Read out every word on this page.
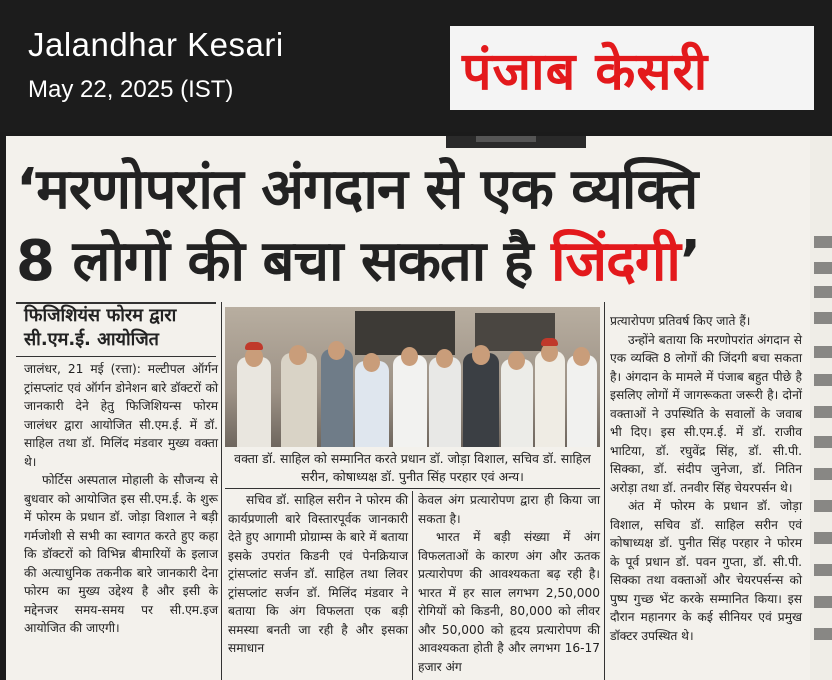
Jalandhar Kesari
May 22, 2025 (IST)	पंजाब केसरी
‘मरणोपरांत अंगदान से एक व्यक्ति
8 लोगों की बचा सकता है जिंदगी’
फिजिशियंस फोरम द्वारा सी.एम.ई. आयोजित

जालंधर, 21 मई (रत्ता): मल्टीपल ऑर्गन ट्रांसप्लांट एवं ऑर्गन डोनेशन बारे डॉक्टरों को जानकारी देने हेतु फिजिशियन्स फोरम जालंधर द्वारा आयोजित सी.एम.ई. में डॉ. साहिल तथा डॉ. मिलिंद मंडवार मुख्य वक्ता थे।

फोर्टिस अस्पताल मोहाली के सौजन्य से बुधवार को आयोजित इस सी.एम.ई. के शुरू में फोरम के प्रधान डॉ. जोड़ा विशाल ने बड़ी गर्मजोशी से सभी का स्वागत करते हुए कहा कि डॉक्टरों को विभिन्न बीमारियों के इलाज की अत्याधुनिक तकनीक बारे जानकारी देना फोरम का मुख्य उद्देश्य है और इसी के मद्देनजर समय-समय पर सी.एम.इज आयोजित की जाएगी।

वक्ता डॉ. साहिल को सम्मानित करते प्रधान डॉ. जोड़ा विशाल, सचिव डॉ. साहिल सरीन, कोषाध्यक्ष डॉ. पुनीत सिंह परहार एवं अन्य।

सचिव डॉ. साहिल सरीन ने फोरम की कार्यप्रणाली बारे विस्तारपूर्वक जानकारी देते हुए आगामी प्रोग्राम्स के बारे में बताया इसके उपरांत किडनी एवं पेनक्रियाज ट्रांसप्लांट सर्जन डॉ. साहिल तथा लिवर ट्रांसप्लांट सर्जन डॉ. मिलिंद मंडवार ने बताया कि अंग विफलता एक बड़ी समस्या बनती जा रही है और इसका समाधान

केवल अंग प्रत्यारोपण द्वारा ही किया जा सकता है।

भारत में बड़ी संख्या में अंग विफलताओं के कारण अंग और ऊतक प्रत्यारोपण की आवश्यकता बढ़ रही है। भारत में हर साल लगभग 2,50,000 रोगियों को किडनी, 80,000 को लीवर और 50,000 को हृदय प्रत्यारोपण की आवश्यकता होती है और लगभग 16-17 हजार अंग

प्रत्यारोपण प्रतिवर्ष किए जाते हैं।

उन्होंने बताया कि मरणोपरांत अंगदान से एक व्यक्ति 8 लोगों की जिंदगी बचा सकता है। अंगदान के मामले में पंजाब बहुत पीछे है इसलिए लोगों में जागरूकता जरूरी है। दोनों वक्ताओं ने उपस्थिति के सवालों के जवाब भी दिए। इस सी.एम.ई. में डॉ. राजीव भाटिया, डॉ. रघुवेंद्र सिंह, डॉ. सी.पी. सिक्का, डॉ. संदीप जुनेजा, डॉ. नितिन अरोड़ा तथा डॉ. तनवीर सिंह चेयरपर्सन थे।

अंत में फोरम के प्रधान डॉ. जोड़ा विशाल, सचिव डॉ. साहिल सरीन एवं कोषाध्यक्ष डॉ. पुनीत सिंह परहार ने फोरम के पूर्व प्रधान डॉ. पवन गुप्ता, डॉ. सी.पी. सिक्का तथा वक्ताओं और चेयरपर्सन्स को पुष्प गुच्छ भेंट करके सम्मानित किया। इस दौरान महानगर के कई सीनियर एवं प्रमुख डॉक्टर उपस्थित थे।
